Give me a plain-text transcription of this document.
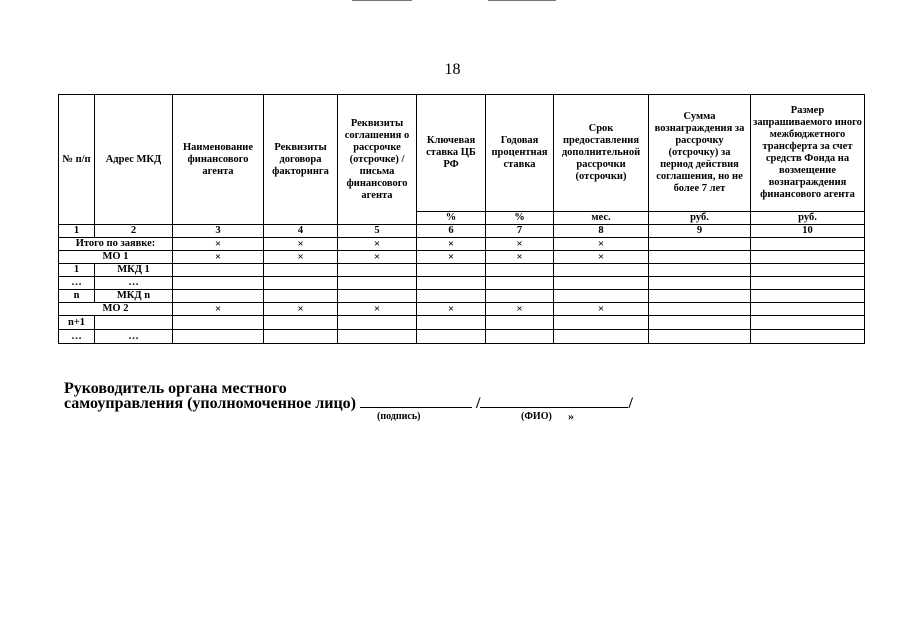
18
№ п/п	Адрес МКД	Наименование финансового агента	Реквизиты договора факторинга	Реквизиты соглашения о рассрочке (отсрочке) / письма финансового агента	Ключевая ставка ЦБ РФ	Годовая процентная ставка	Срок предоставления дополнительной рассрочки (отсрочки)	Сумма вознаграждения за рассрочку (отсрочку) за период действия соглашения, но не более 7 лет	Размер запрашиваемого иного межбюджетного трансферта за счет средств Фонда на возмещение вознаграждения финансового агента
					%	%	мес.	руб.	руб.
1	2	3	4	5	6	7	8	9	10
Итого по заявке:		×	×	×	×	×	×		
МО 1		×	×	×	×	×	×		
1	МКД 1								
…	…								
n	МКД n								
МО 2		×	×	×	×	×	×		
n+1									
…	…								
Руководитель органа местного
самоуправления (уполномоченное лицо)	/	/
(подпись)	(ФИО) »
